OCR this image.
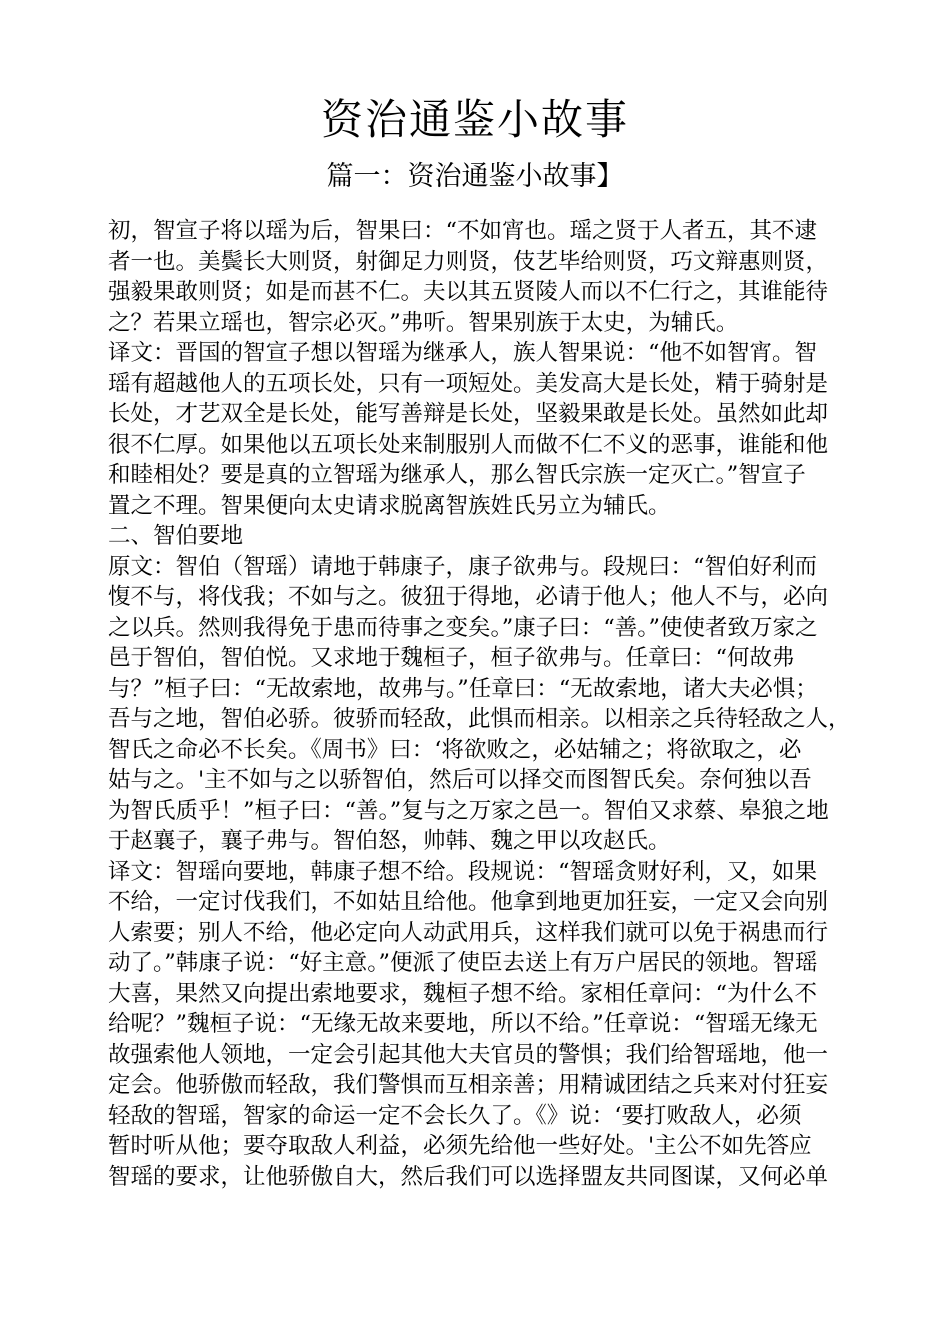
资治通鉴小故事
篇一：资治通鉴小故事】
初，智宣子将以瑶为后，智果曰：“不如宵也。瑶之贤于人者五，其不逮
者一也。美鬓长大则贤，射御足力则贤，伎艺毕给则贤，巧文辩惠则贤，
强毅果敢则贤；如是而甚不仁。夫以其五贤陵人而以不仁行之，其谁能待
之？若果立瑶也，智宗必灭。”弗听。智果别族于太史，为辅氏。
译文：晋国的智宣子想以智瑶为继承人，族人智果说：“他不如智宵。智
瑶有超越他人的五项长处，只有一项短处。美发高大是长处，精于骑射是
长处，才艺双全是长处，能写善辩是长处，坚毅果敢是长处。虽然如此却
很不仁厚。如果他以五项长处来制服别人而做不仁不义的恶事，谁能和他
和睦相处？要是真的立智瑶为继承人，那么智氏宗族一定灭亡。”智宣子
置之不理。智果便向太史请求脱离智族姓氏另立为辅氏。
二、智伯要地
原文：智伯（智瑶）请地于韩康子，康子欲弗与。段规曰：“智伯好利而
愎不与，将伐我；不如与之。彼狃于得地，必请于他人；他人不与，必向
之以兵。然则我得免于患而待事之变矣。”康子曰：“善。”使使者致万家之
邑于智伯，智伯悦。又求地于魏桓子，桓子欲弗与。任章曰：“何故弗
与？”桓子曰：“无故索地，故弗与。”任章曰：“无故索地，诸大夫必惧；
吾与之地，智伯必骄。彼骄而轻敌，此惧而相亲。以相亲之兵待轻敌之人，
智氏之命必不长矣。《周书》曰：‘将欲败之，必姑辅之；将欲取之，必
姑与之。'主不如与之以骄智伯，然后可以择交而图智氏矣。奈何独以吾
为智氏质乎！”桓子曰：“善。”复与之万家之邑一。智伯又求蔡、皋狼之地
于赵襄子，襄子弗与。智伯怒，帅韩、魏之甲以攻赵氏。
译文：智瑶向要地，韩康子想不给。段规说：“智瑶贪财好利，又，如果
不给，一定讨伐我们，不如姑且给他。他拿到地更加狂妄，一定又会向别
人索要；别人不给，他必定向人动武用兵，这样我们就可以免于祸患而行
动了。”韩康子说：“好主意。”便派了使臣去送上有万户居民的领地。智瑶
大喜，果然又向提出索地要求，魏桓子想不给。家相任章问：“为什么不
给呢？”魏桓子说：“无缘无故来要地，所以不给。”任章说：“智瑶无缘无
故强索他人领地，一定会引起其他大夫官员的警惧；我们给智瑶地，他一
定会。他骄傲而轻敌，我们警惧而互相亲善；用精诚团结之兵来对付狂妄
轻敌的智瑶，智家的命运一定不会长久了。《》说：‘要打败敌人，必须
暂时听从他；要夺取敌人利益，必须先给他一些好处。'主公不如先答应
智瑶的要求，让他骄傲自大，然后我们可以选择盟友共同图谋，又何必单
